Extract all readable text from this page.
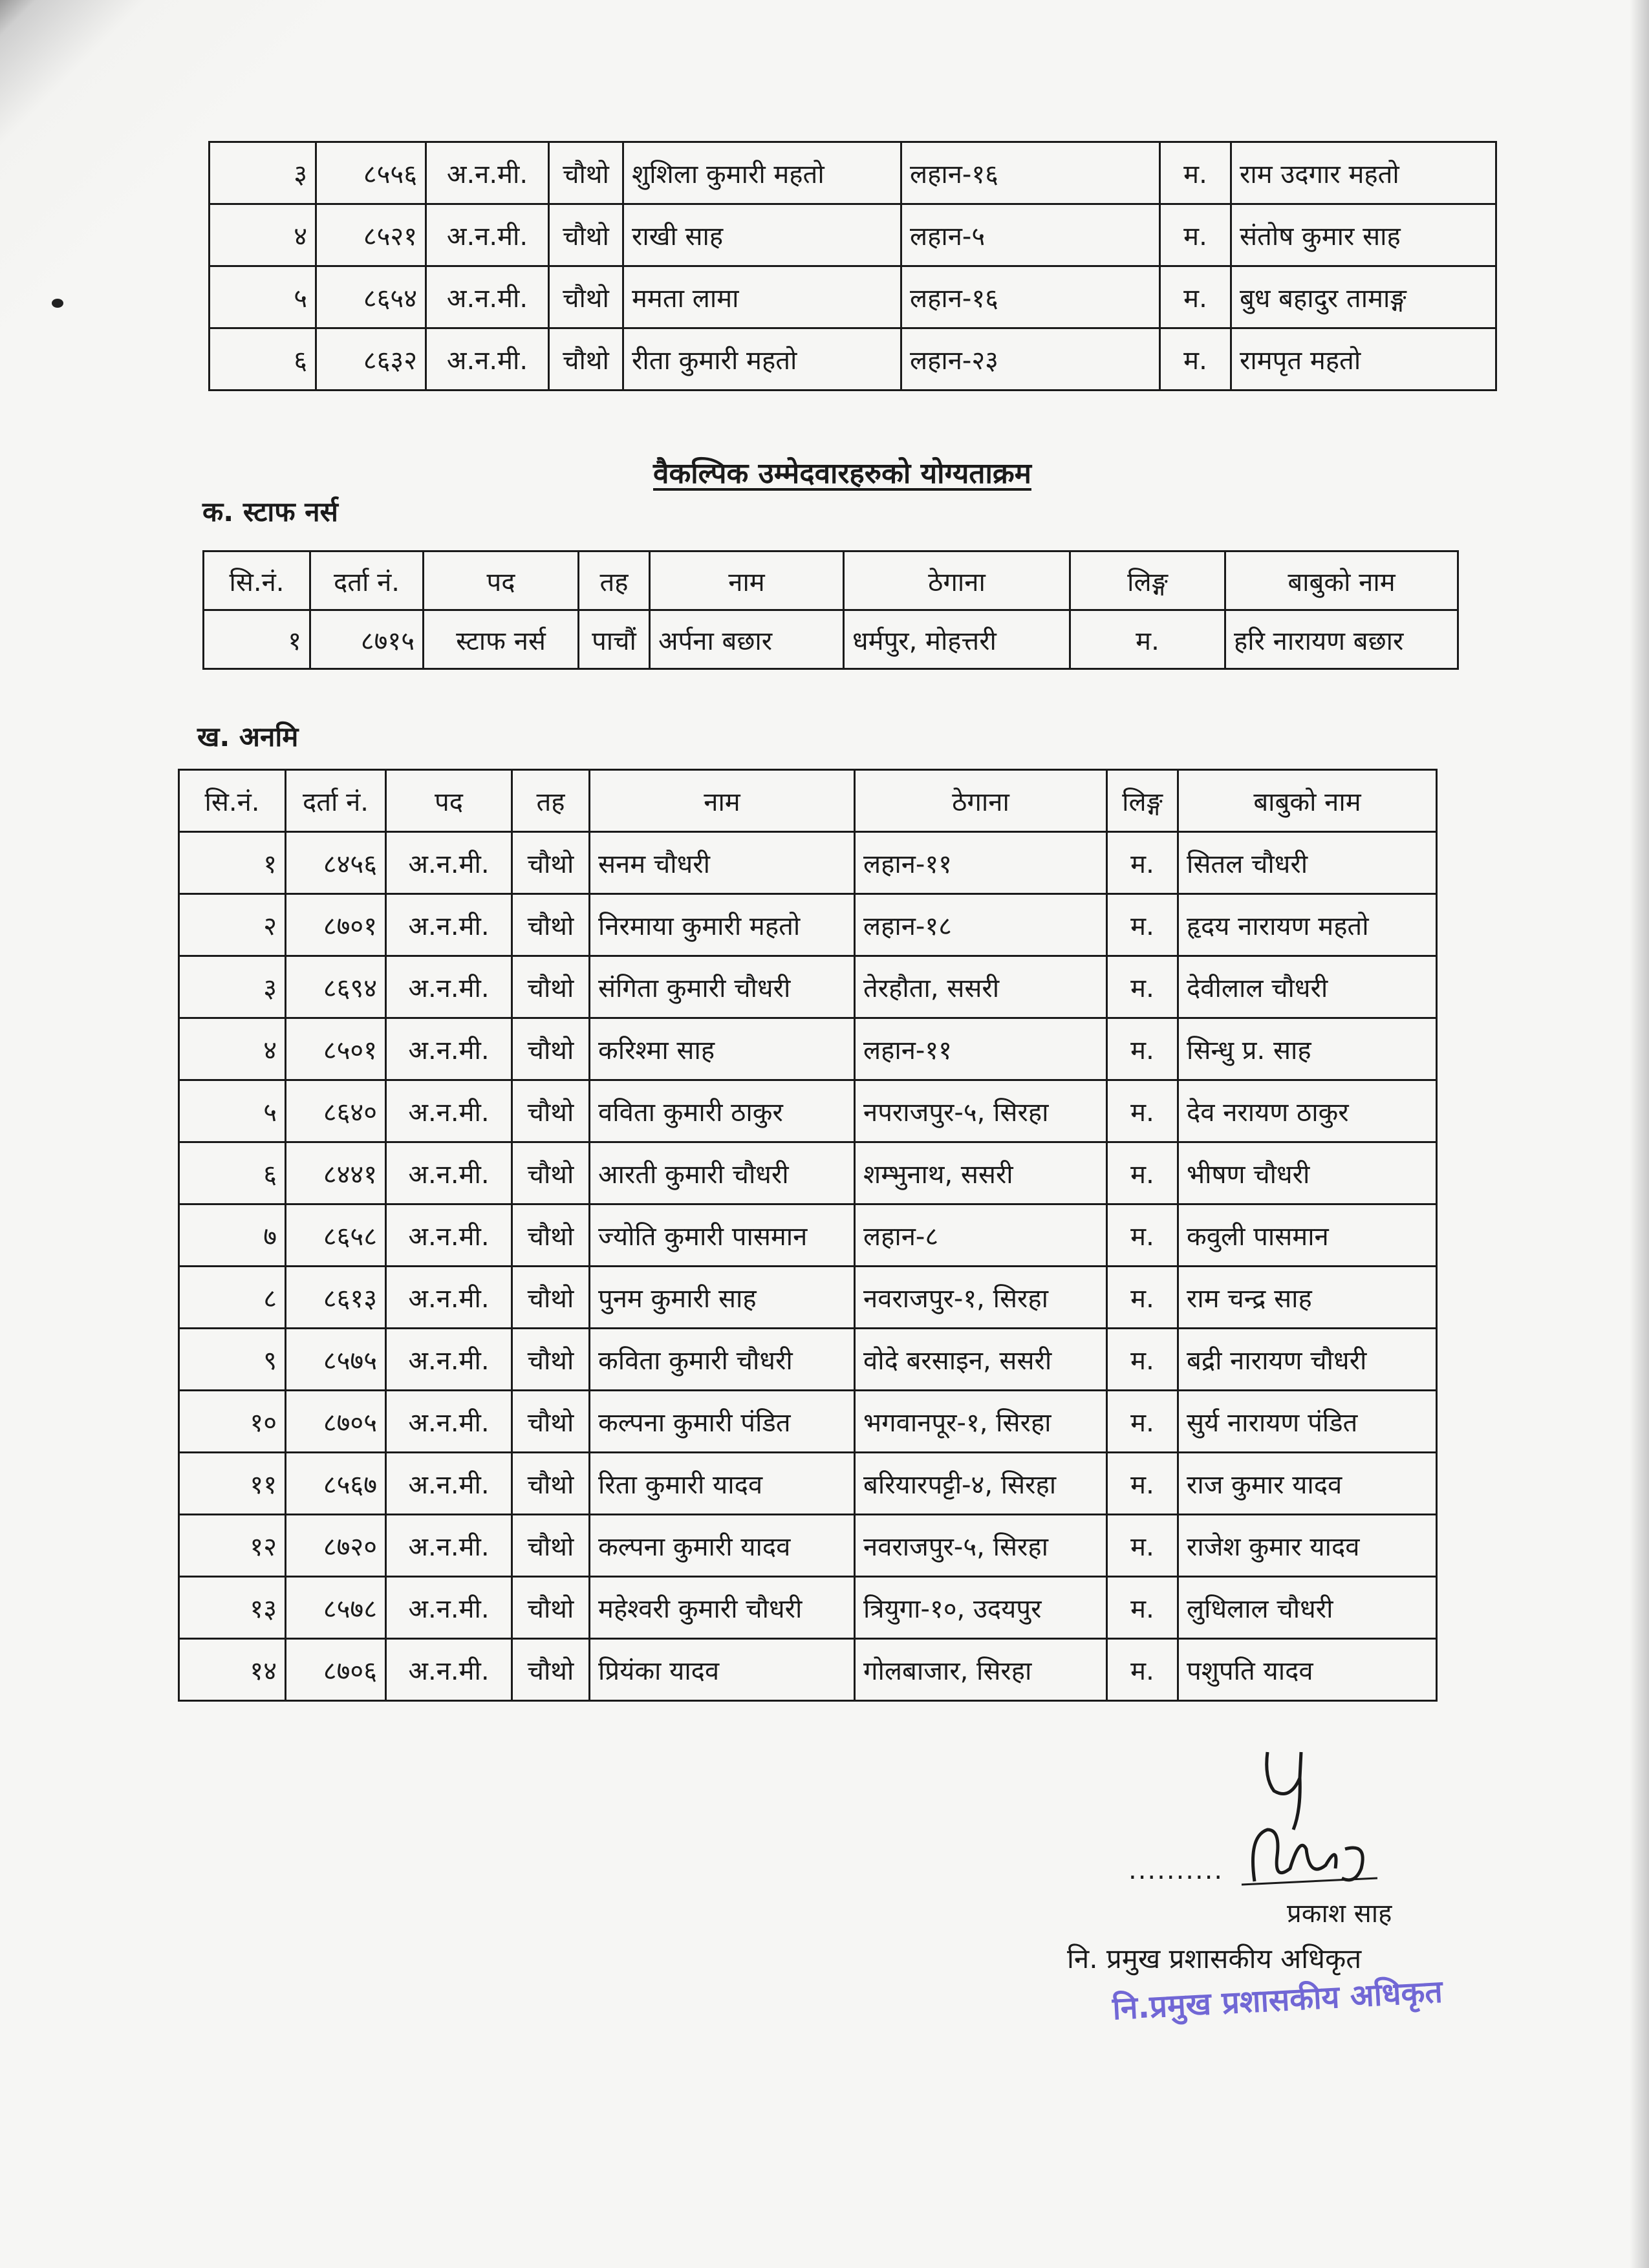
३	८५५६	अ.न.मी.	चौथो	शुशिला कुमारी महतो	लहान-१६	म.	राम उदगार महतो
४	८५२१	अ.न.मी.	चौथो	राखी साह	लहान-५	म.	संतोष कुमार साह
५	८६५४	अ.न.मी.	चौथो	ममता लामा	लहान-१६	म.	बुध बहादुर तामाङ्ग
६	८६३२	अ.न.मी.	चौथो	रीता कुमारी महतो	लहान-२३	म.	रामपृत महतो
वैकल्पिक उम्मेदवारहरुको योग्यताक्रम
क. स्टाफ नर्स
सि.नं.	दर्ता नं.	पद	तह	नाम	ठेगाना	लिङ्ग	बाबुको नाम
१	८७१५	स्टाफ नर्स	पाचौं	अर्पना बछार	धर्मपुर, मोहत्तरी	म.	हरि नारायण बछार
ख. अनमि
सि.नं.	दर्ता नं.	पद	तह	नाम	ठेगाना	लिङ्ग	बाबुको नाम
१	८४५६	अ.न.मी.	चौथो	सनम चौधरी	लहान-११	म.	सितल चौधरी
२	८७०१	अ.न.मी.	चौथो	निरमाया कुमारी महतो	लहान-१८	म.	हृदय नारायण महतो
३	८६९४	अ.न.मी.	चौथो	संगिता कुमारी चौधरी	तेरहौता, ससरी	म.	देवीलाल चौधरी
४	८५०१	अ.न.मी.	चौथो	करिश्मा साह	लहान-११	म.	सिन्धु प्र. साह
५	८६४०	अ.न.मी.	चौथो	वविता कुमारी ठाकुर	नपराजपुर-५, सिरहा	म.	देव नरायण ठाकुर
६	८४४१	अ.न.मी.	चौथो	आरती कुमारी चौधरी	शम्भुनाथ, ससरी	म.	भीषण चौधरी
७	८६५८	अ.न.मी.	चौथो	ज्योति कुमारी पासमान	लहान-८	म.	कवुली पासमान
८	८६१३	अ.न.मी.	चौथो	पुनम कुमारी साह	नवराजपुर-१, सिरहा	म.	राम चन्द्र साह
९	८५७५	अ.न.मी.	चौथो	कविता कुमारी चौधरी	वोदे बरसाइन, ससरी	म.	बद्री नारायण चौधरी
१०	८७०५	अ.न.मी.	चौथो	कल्पना कुमारी पंडित	भगवानपूर-१, सिरहा	म.	सुर्य नारायण पंडित
११	८५६७	अ.न.मी.	चौथो	रिता कुमारी यादव	बरियारपट्टी-४, सिरहा	म.	राज कुमार यादव
१२	८७२०	अ.न.मी.	चौथो	कल्पना कुमारी यादव	नवराजपुर-५, सिरहा	म.	राजेश कुमार यादव
१३	८५७८	अ.न.मी.	चौथो	महेश्वरी कुमारी चौधरी	त्रियुगा-१०, उदयपुर	म.	लुधिलाल चौधरी
१४	८७०६	अ.न.मी.	चौथो	प्रियंका यादव	गोलबाजार, सिरहा	म.	पशुपति यादव
..........
प्रकाश साह
नि. प्रमुख प्रशासकीय अधिकृत
नि.प्रमुख प्रशासकीय अधिकृत
